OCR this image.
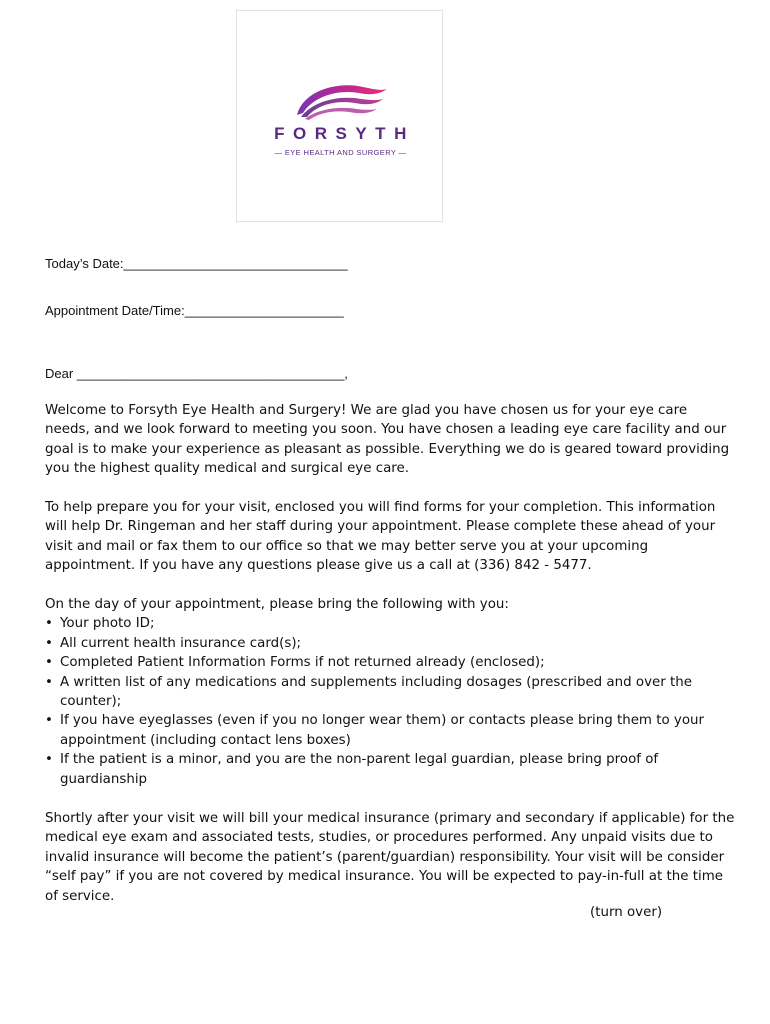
FORSYTH
— EYE HEALTH AND SURGERY —
Today’s Date:_______________________________
Appointment Date/Time:______________________
Dear _____________________________________,

Welcome to Forsyth Eye Health and Surgery! We are glad you have chosen us for your eye care needs, and we look forward to meeting you soon. You have chosen a leading eye care facility and our goal is to make your experience as pleasant as possible. Everything we do is geared toward providing you the highest quality medical and surgical eye care.

To help prepare you for your visit, enclosed you will find forms for your completion. This information will help Dr. Ringeman and her staff during your appointment. Please complete these ahead of your visit and mail or fax them to our office so that we may better serve you at your upcoming appointment. If you have any questions please give us a call at (336) 842 - 5477.

On the day of your appointment, please bring the following with you:

• Your photo ID;
• All current health insurance card(s);
• Completed Patient Information Forms if not returned already (enclosed);
• A written list of any medications and supplements including dosages (prescribed and over the counter);
• If you have eyeglasses (even if you no longer wear them) or contacts please bring them to your appointment (including contact lens boxes)
• If the patient is a minor, and you are the non-parent legal guardian, please bring proof of guardianship

Shortly after your visit we will bill your medical insurance (primary and secondary if applicable) for the medical eye exam and associated tests, studies, or procedures performed. Any unpaid visits due to invalid insurance will become the patient’s (parent/guardian) responsibility. Your visit will be consider “self pay” if you are not covered by medical insurance. You will be expected to pay-in-full at the time of service.

(turn over)
